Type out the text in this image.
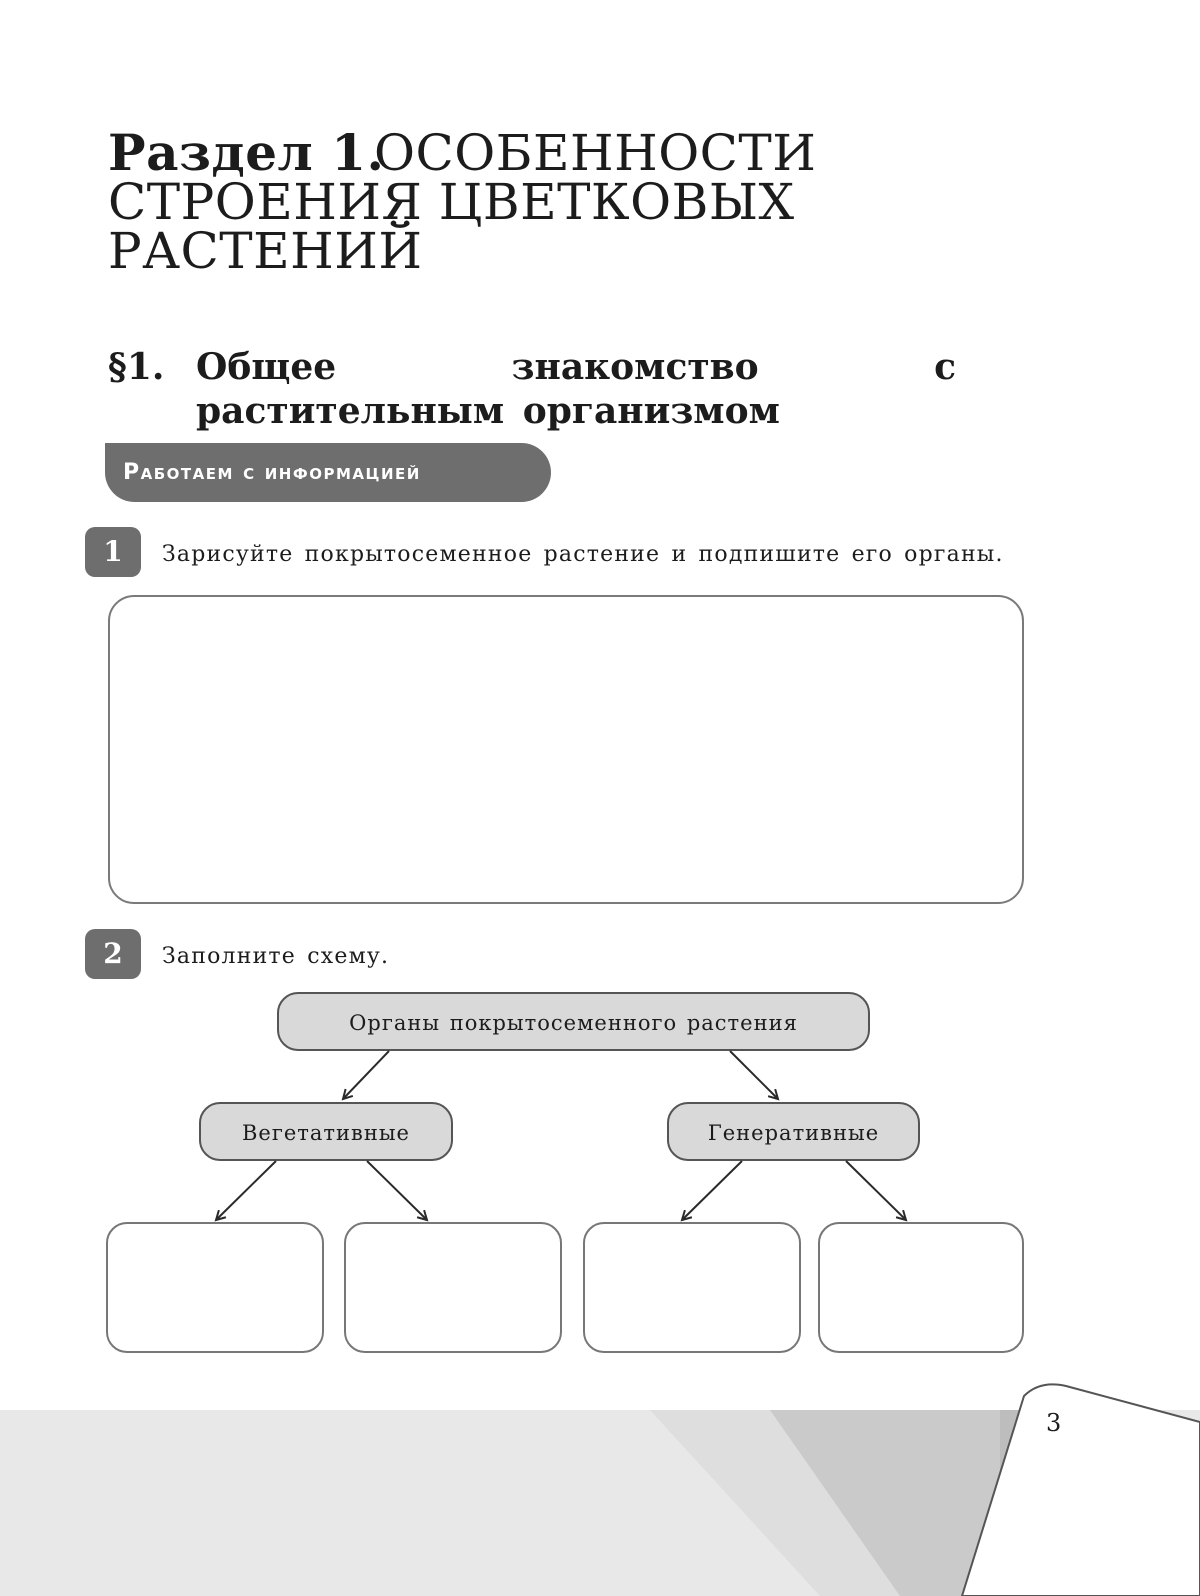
Раздел 1.
ОСОБЕННОСТИ СТРОЕНИЯ ЦВЕТКОВЫХ РАСТЕНИЙ
§1. Общее знакомство с растительным организмом
Работаем с информацией
1	Зарисуйте покрытосеменное растение и подпишите его органы.
2	Заполните схему.
Органы покрытосеменного растения
Вегетативные	Генеративные
3
